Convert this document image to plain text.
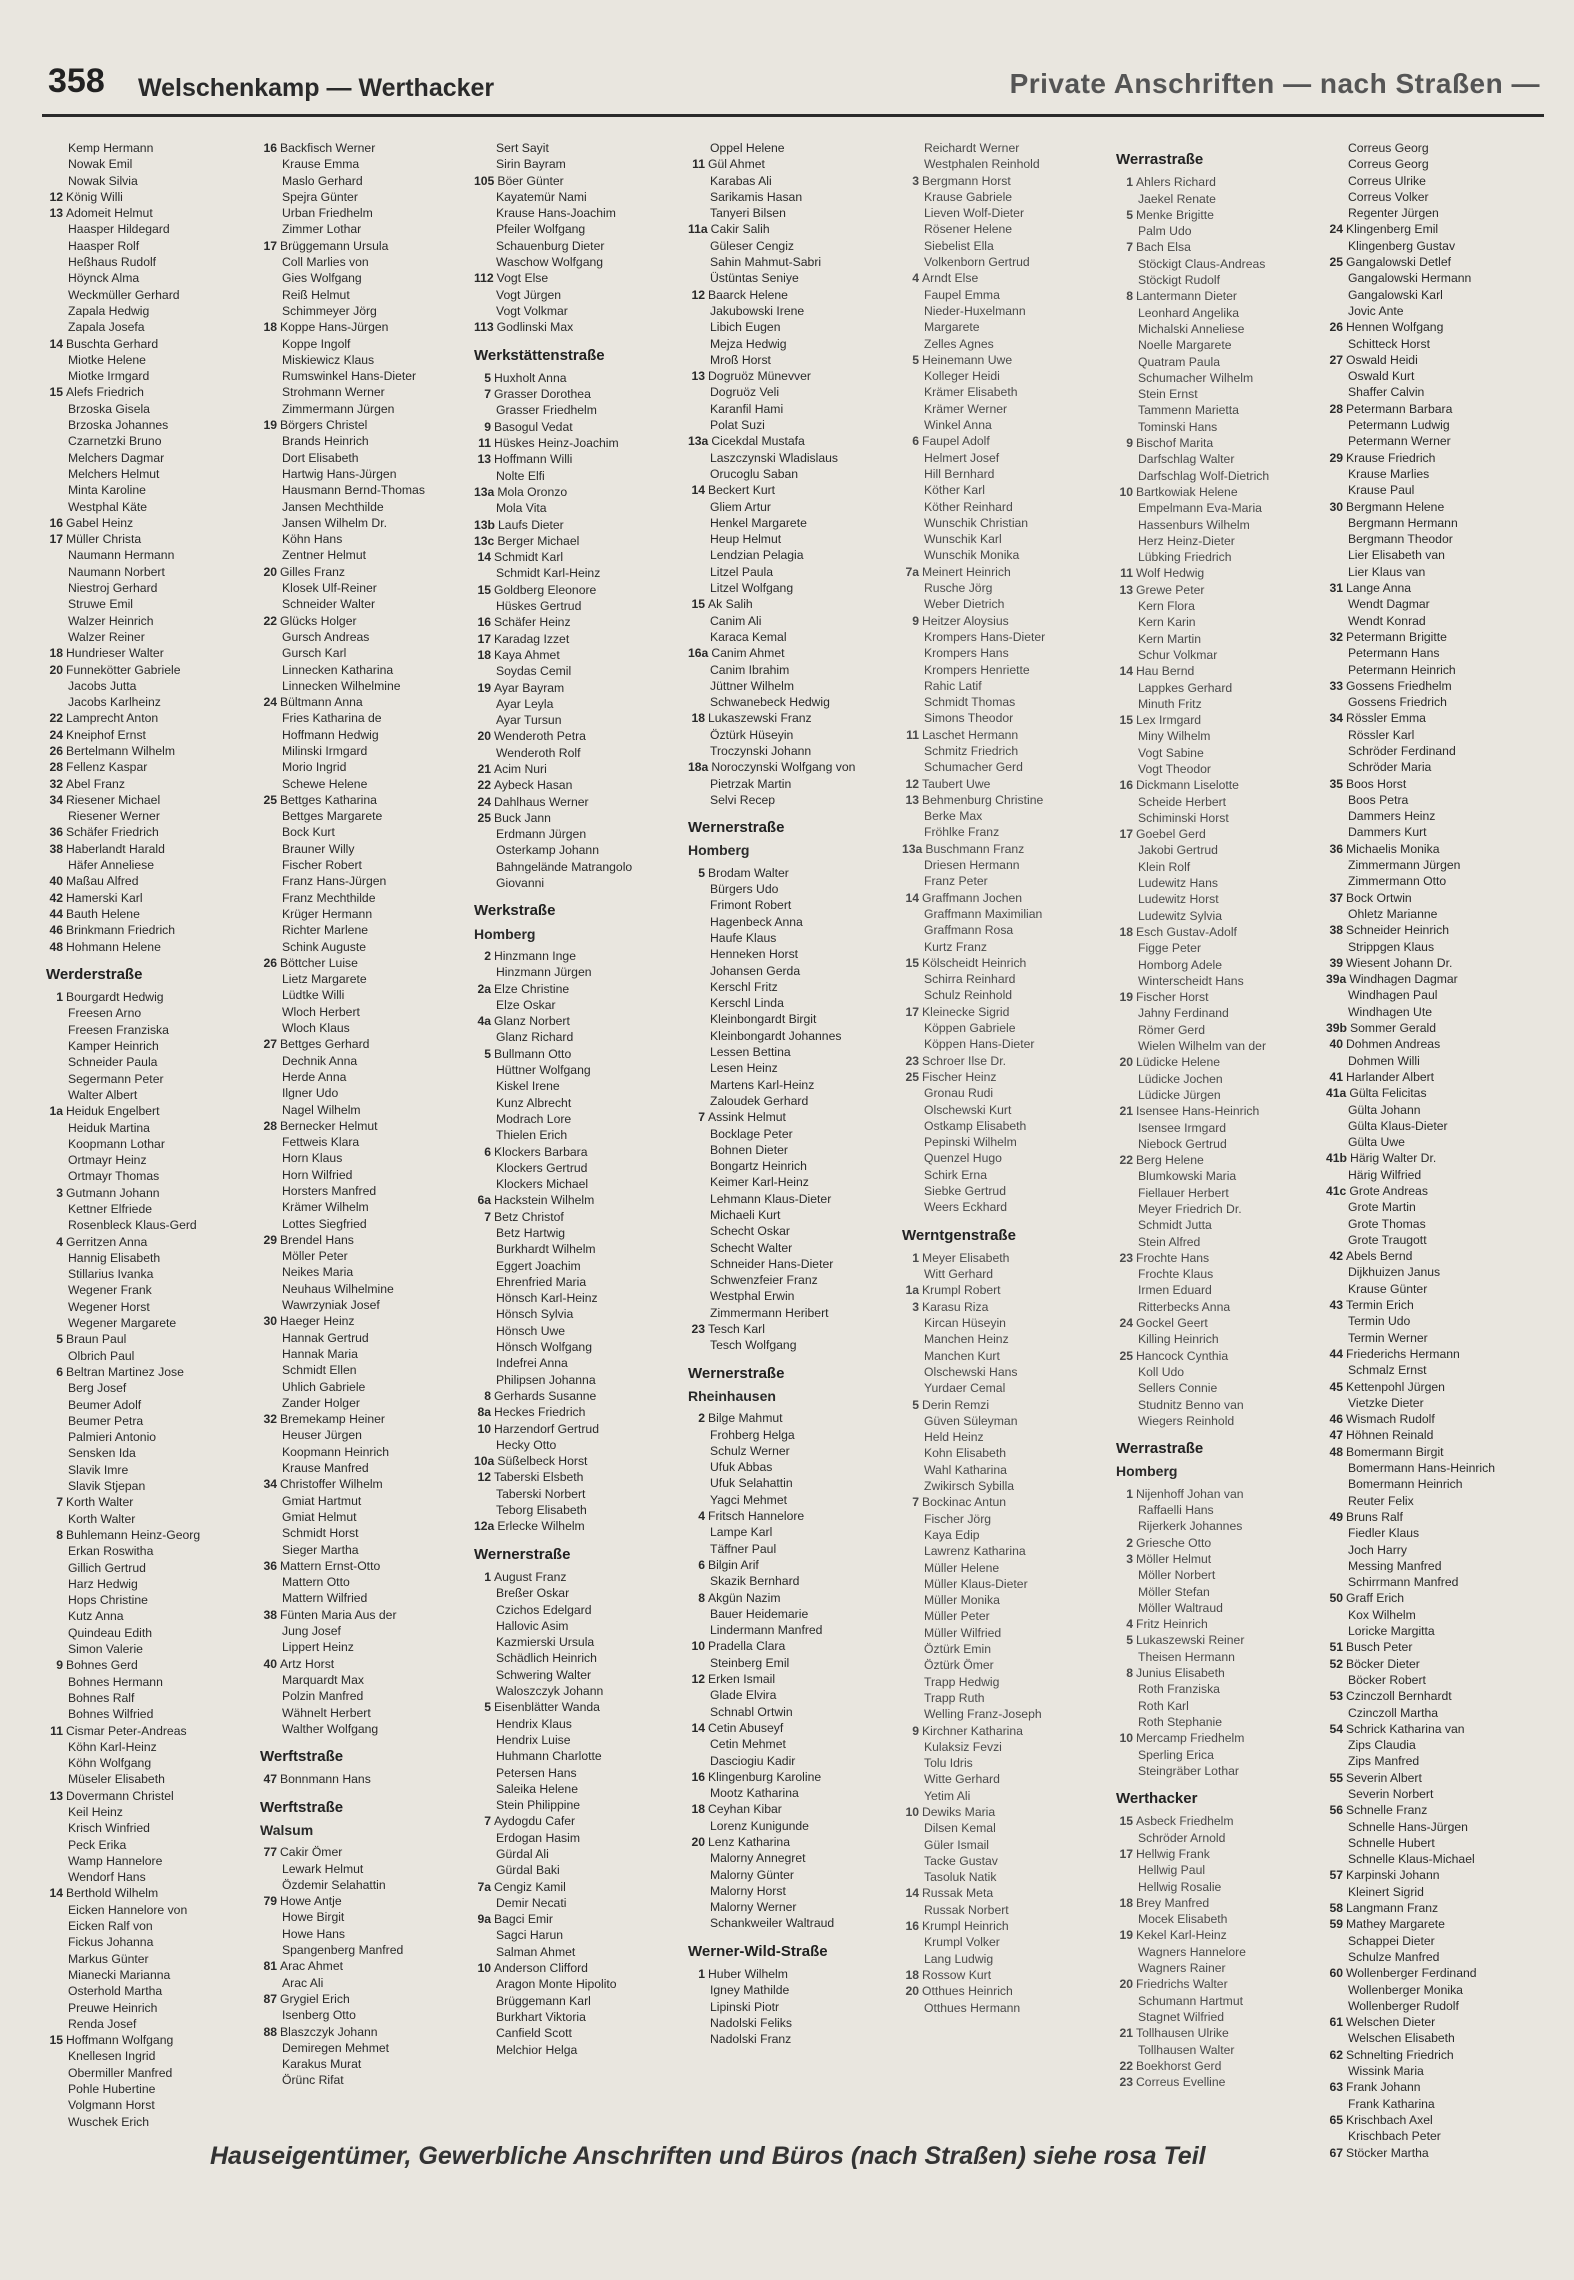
358 Welschenkamp — Werthacker	Private Anschriften — nach Straßen —
Kemp Hermann
Nowak Emil
Nowak Silvia
12 König Willi
13 Adomeit Helmut
Haasper Hildegard
Haasper Rolf
Heßhaus Rudolf
Höynck Alma
Weckmüller Gerhard
Zapala Hedwig
Zapala Josefa
14 Buschta Gerhard
Miotke Helene
Miotke Irmgard
15 Alefs Friedrich
Brzoska Gisela
Brzoska Johannes
Czarnetzki Bruno
Melchers Dagmar
Melchers Helmut
Minta Karoline
Westphal Käte
16 Gabel Heinz
17 Müller Christa
Naumann Hermann
Naumann Norbert
Niestroj Gerhard
Struwe Emil
Walzer Heinrich
Walzer Reiner
18 Hundrieser Walter
20 Funnekötter Gabriele
Jacobs Jutta
Jacobs Karlheinz
22 Lamprecht Anton
24 Kneiphof Ernst
26 Bertelmann Wilhelm
28 Fellenz Kaspar
32 Abel Franz
34 Riesener Michael
Riesener Werner
36 Schäfer Friedrich
38 Haberlandt Harald
Häfer Anneliese
40 Maßau Alfred
42 Hamerski Karl
44 Bauth Helene
46 Brinkmann Friedrich
48 Hohmann Helene
Werderstraße
1 Bourgardt Hedwig
Freesen Arno
Freesen Franziska
Kamper Heinrich
Schneider Paula
Segermann Peter
Walter Albert
1a Heiduk Engelbert
Heiduk Martina
Koopmann Lothar
Ortmayr Heinz
Ortmayr Thomas
3 Gutmann Johann
Kettner Elfriede
Rosenbleck Klaus-Gerd
4 Gerritzen Anna
Hannig Elisabeth
Stillarius Ivanka
Wegener Frank
Wegener Horst
Wegener Margarete
5 Braun Paul
Olbrich Paul
6 Beltran Martinez Jose
Berg Josef
Beumer Adolf
Beumer Petra
Palmieri Antonio
Sensken Ida
Slavik Imre
Slavik Stjepan
7 Korth Walter
Korth Walter
8 Buhlemann Heinz-Georg
Erkan Roswitha
Gillich Gertrud
Harz Hedwig
Hops Christine
Kutz Anna
Quindeau Edith
Simon Valerie
9 Bohnes Gerd
Bohnes Hermann
Bohnes Ralf
Bohnes Wilfried
11 Cismar Peter-Andreas
Köhn Karl-Heinz
Köhn Wolfgang
Müseler Elisabeth
13 Dovermann Christel
Keil Heinz
Krisch Winfried
Peck Erika
Wamp Hannelore
Wendorf Hans
14 Berthold Wilhelm
Eicken Hannelore von
Eicken Ralf von
Fickus Johanna
Markus Günter
Mianecki Marianna
Osterhold Martha
Preuwe Heinrich
Renda Josef
15 Hoffmann Wolfgang
Knellesen Ingrid
Obermiller Manfred
Pohle Hubertine
Volgmann Horst
Wuschek Erich
16 Backfisch Werner
Krause Emma
Maslo Gerhard
Spejra Günter
Urban Friedhelm
Zimmer Lothar
17 Brüggemann Ursula
Coll Marlies von
Gies Wolfgang
Reiß Helmut
Schimmeyer Jörg
18 Koppe Hans-Jürgen
Koppe Ingolf
Miskiewicz Klaus
Rumswinkel Hans-Dieter
Strohmann Werner
Zimmermann Jürgen
19 Börgers Christel
Brands Heinrich
Dort Elisabeth
Hartwig Hans-Jürgen
Hausmann Bernd-Thomas
Jansen Mechthilde
Jansen Wilhelm Dr.
Köhn Hans
Zentner Helmut
20 Gilles Franz
Klosek Ulf-Reiner
Schneider Walter
22 Glücks Holger
Gursch Andreas
Gursch Karl
Linnecken Katharina
Linnecken Wilhelmine
24 Bültmann Anna
Fries Katharina de
Hoffmann Hedwig
Milinski Irmgard
Morio Ingrid
Schewe Helene
25 Bettges Katharina
Bettges Margarete
Bock Kurt
Brauner Willy
Fischer Robert
Franz Hans-Jürgen
Franz Mechthilde
Krüger Hermann
Richter Marlene
Schink Auguste
26 Böttcher Luise
Lietz Margarete
Lüdtke Willi
Wloch Herbert
Wloch Klaus
27 Bettges Gerhard
Dechnik Anna
Herde Anna
Ilgner Udo
Nagel Wilhelm
28 Bernecker Helmut
Fettweis Klara
Horn Klaus
Horn Wilfried
Horsters Manfred
Krämer Wilhelm
Lottes Siegfried
29 Brendel Hans
Möller Peter
Neikes Maria
Neuhaus Wilhelmine
Wawrzyniak Josef
30 Haeger Heinz
Hannak Gertrud
Hannak Maria
Schmidt Ellen
Uhlich Gabriele
Zander Holger
32 Bremekamp Heiner
Heuser Jürgen
Koopmann Heinrich
Krause Manfred
34 Christoffer Wilhelm
Gmiat Hartmut
Gmiat Helmut
Schmidt Horst
Sieger Martha
36 Mattern Ernst-Otto
Mattern Otto
Mattern Wilfried
38 Fünten Maria Aus der
Jung Josef
Lippert Heinz
40 Artz Horst
Marquardt Max
Polzin Manfred
Wähnelt Herbert
Walther Wolfgang
Werftstraße
47 Bonnmann Hans
Werftstraße
Walsum
77 Cakir Ömer
Lewark Helmut
Özdemir Selahattin
79 Howe Antje
Howe Birgit
Howe Hans
Spangenberg Manfred
81 Arac Ahmet
Arac Ali
87 Grygiel Erich
Isenberg Otto
88 Blaszczyk Johann
Demiregen Mehmet
Karakus Murat
Örünc Rifat
Sert Sayit
Sirin Bayram
105 Böer Günter
Kayatemür Nami
Krause Hans-Joachim
Pfeiler Wolfgang
Schauenburg Dieter
Waschow Wolfgang
112 Vogt Else
Vogt Jürgen
Vogt Volkmar
113 Godlinski Max
Werkstättenstraße
5 Huxholt Anna
7 Grasser Dorothea
Grasser Friedhelm
9 Basogul Vedat
11 Hüskes Heinz-Joachim
13 Hoffmann Willi
Nolte Elfi
13a Mola Oronzo
Mola Vita
13b Laufs Dieter
13c Berger Michael
14 Schmidt Karl
Schmidt Karl-Heinz
15 Goldberg Eleonore
Hüskes Gertrud
16 Schäfer Heinz
17 Karadag Izzet
18 Kaya Ahmet
Soydas Cemil
19 Ayar Bayram
Ayar Leyla
Ayar Tursun
20 Wenderoth Petra
Wenderoth Rolf
21 Acim Nuri
22 Aybeck Hasan
24 Dahlhaus Werner
25 Buck Jann
Erdmann Jürgen
Osterkamp Johann
Bahngelände Matrangolo
Giovanni
Werkstraße
Homberg
2 Hinzmann Inge
Hinzmann Jürgen
2a Elze Christine
Elze Oskar
4a Glanz Norbert
Glanz Richard
5 Bullmann Otto
Hüttner Wolfgang
Kiskel Irene
Kunz Albrecht
Modrach Lore
Thielen Erich
6 Klockers Barbara
Klockers Gertrud
Klockers Michael
6a Hackstein Wilhelm
7 Betz Christof
Betz Hartwig
Burkhardt Wilhelm
Eggert Joachim
Ehrenfried Maria
Hönsch Karl-Heinz
Hönsch Sylvia
Hönsch Uwe
Hönsch Wolfgang
Indefrei Anna
Philipsen Johanna
8 Gerhards Susanne
8a Heckes Friedrich
10 Harzendorf Gertrud
Hecky Otto
10a Süßelbeck Horst
12 Taberski Elsbeth
Taberski Norbert
Teborg Elisabeth
12a Erlecke Wilhelm
Wernerstraße
1 August Franz
Breßer Oskar
Czichos Edelgard
Hallovic Asim
Kazmierski Ursula
Schädlich Heinrich
Schwering Walter
Waloszczyk Johann
5 Eisenblätter Wanda
Hendrix Klaus
Hendrix Luise
Huhmann Charlotte
Petersen Hans
Saleika Helene
Stein Philippine
7 Aydogdu Cafer
Erdogan Hasim
Gürdal Ali
Gürdal Baki
7a Cengiz Kamil
Demir Necati
9a Bagci Emir
Sagci Harun
Salman Ahmet
10 Anderson Clifford
Aragon Monte Hipolito
Brüggemann Karl
Burkhart Viktoria
Canfield Scott
Melchior Helga
Oppel Helene
11 Gül Ahmet
Karabas Ali
Sarikamis Hasan
Tanyeri Bilsen
11a Cakir Salih
Güleser Cengiz
Sahin Mahmut-Sabri
Üstüntas Seniye
12 Baarck Helene
Jakubowski Irene
Libich Eugen
Mejza Hedwig
Mroß Horst
13 Dogruöz Münevver
Dogruöz Veli
Karanfil Hami
Polat Suzi
13a Cicekdal Mustafa
Laszczynski Wladislaus
Orucoglu Saban
14 Beckert Kurt
Gliem Artur
Henkel Margarete
Heup Helmut
Lendzian Pelagia
Litzel Paula
Litzel Wolfgang
15 Ak Salih
Canim Ali
Karaca Kemal
16a Canim Ahmet
Canim Ibrahim
Jüttner Wilhelm
Schwanebeck Hedwig
18 Lukaszewski Franz
Öztürk Hüseyin
Troczynski Johann
18a Noroczynski Wolfgang von
Pietrzak Martin
Selvi Recep
Wernerstraße
Homberg
5 Brodam Walter
Bürgers Udo
Frimont Robert
Hagenbeck Anna
Haufe Klaus
Henneken Horst
Johansen Gerda
Kerschl Fritz
Kerschl Linda
Kleinbongardt Birgit
Kleinbongardt Johannes
Lessen Bettina
Lesen Heinz
Martens Karl-Heinz
Zaloudek Gerhard
7 Assink Helmut
Bocklage Peter
Bohnen Dieter
Bongartz Heinrich
Keimer Karl-Heinz
Lehmann Klaus-Dieter
Michaeli Kurt
Schecht Oskar
Schecht Walter
Schneider Hans-Dieter
Schwenzfeier Franz
Westphal Erwin
Zimmermann Heribert
23 Tesch Karl
Tesch Wolfgang
Wernerstraße
Rheinhausen
2 Bilge Mahmut
Frohberg Helga
Schulz Werner
Ufuk Abbas
Ufuk Selahattin
Yagci Mehmet
4 Fritsch Hannelore
Lampe Karl
Täffner Paul
6 Bilgin Arif
Skazik Bernhard
8 Akgün Nazim
Bauer Heidemarie
Lindermann Manfred
10 Pradella Clara
Steinberg Emil
12 Erken Ismail
Glade Elvira
Schnabl Ortwin
14 Cetin Abuseyf
Cetin Mehmet
Dasciogiu Kadir
16 Klingenburg Karoline
Mootz Katharina
18 Ceyhan Kibar
Lorenz Kunigunde
20 Lenz Katharina
Malorny Annegret
Malorny Günter
Malorny Horst
Malorny Werner
Schankweiler Waltraud
Werner-Wild-Straße
1 Huber Wilhelm
Igney Mathilde
Lipinski Piotr
Nadolski Feliks
Nadolski Franz
Reichardt Werner
Westphalen Reinhold
3 Bergmann Horst
Krause Gabriele
Lieven Wolf-Dieter
Rösener Helene
Siebelist Ella
Volkenborn Gertrud
4 Arndt Else
Faupel Emma
Nieder-Huxelmann
Margarete
Zelles Agnes
5 Heinemann Uwe
Kolleger Heidi
Krämer Elisabeth
Krämer Werner
Winkel Anna
6 Faupel Adolf
Helmert Josef
Hill Bernhard
Köther Karl
Köther Reinhard
Wunschik Christian
Wunschik Karl
Wunschik Monika
7a Meinert Heinrich
Rusche Jörg
Weber Dietrich
9 Heitzer Aloysius
Krompers Hans-Dieter
Krompers Hans
Krompers Henriette
Rahic Latif
Schmidt Thomas
Simons Theodor
11 Laschet Hermann
Schmitz Friedrich
Schumacher Gerd
12 Taubert Uwe
13 Behmenburg Christine
Berke Max
Fröhlke Franz
13a Buschmann Franz
Driesen Hermann
Franz Peter
14 Graffmann Jochen
Graffmann Maximilian
Graffmann Rosa
Kurtz Franz
15 Kölscheidt Heinrich
Schirra Reinhard
Schulz Reinhold
17 Kleinecke Sigrid
Köppen Gabriele
Köppen Hans-Dieter
23 Schroer Ilse Dr.
25 Fischer Heinz
Gronau Rudi
Olschewski Kurt
Ostkamp Elisabeth
Pepinski Wilhelm
Quenzel Hugo
Schirk Erna
Siebke Gertrud
Weers Eckhard
Werntgenstraße
1 Meyer Elisabeth
Witt Gerhard
1a Krumpl Robert
3 Karasu Riza
Kircan Hüseyin
Manchen Heinz
Manchen Kurt
Olschewski Hans
Yurdaer Cemal
5 Derin Remzi
Güven Süleyman
Held Heinz
Kohn Elisabeth
Wahl Katharina
Zwikirsch Sybilla
7 Bockinac Antun
Fischer Jörg
Kaya Edip
Lawrenz Katharina
Müller Helene
Müller Klaus-Dieter
Müller Monika
Müller Peter
Müller Wilfried
Öztürk Emin
Öztürk Ömer
Trapp Hedwig
Trapp Ruth
Welling Franz-Joseph
9 Kirchner Katharina
Kulaksiz Fevzi
Tolu Idris
Witte Gerhard
Yetim Ali
10 Dewiks Maria
Dilsen Kemal
Güler Ismail
Tacke Gustav
Tasoluk Natik
14 Russak Meta
Russak Norbert
16 Krumpl Heinrich
Krumpl Volker
Lang Ludwig
18 Rossow Kurt
20 Otthues Heinrich
Otthues Hermann
Werrastraße
1 Ahlers Richard
Jaekel Renate
5 Menke Brigitte
Palm Udo
7 Bach Elsa
Stöckigt Claus-Andreas
Stöckigt Rudolf
8 Lantermann Dieter
Leonhard Angelika
Michalski Anneliese
Noelle Margarete
Quatram Paula
Schumacher Wilhelm
Stein Ernst
Tammenn Marietta
Tominski Hans
9 Bischof Marita
Darfschlag Walter
Darfschlag Wolf-Dietrich
10 Bartkowiak Helene
Empelmann Eva-Maria
Hassenburs Wilhelm
Herz Heinz-Dieter
Lübking Friedrich
11 Wolf Hedwig
13 Grewe Peter
Kern Flora
Kern Karin
Kern Martin
Schur Volkmar
14 Hau Bernd
Lappkes Gerhard
Minuth Fritz
15 Lex Irmgard
Miny Wilhelm
Vogt Sabine
Vogt Theodor
16 Dickmann Liselotte
Scheide Herbert
Schiminski Horst
17 Goebel Gerd
Jakobi Gertrud
Klein Rolf
Ludewitz Hans
Ludewitz Horst
Ludewitz Sylvia
18 Esch Gustav-Adolf
Figge Peter
Homborg Adele
Winterscheidt Hans
19 Fischer Horst
Jahny Ferdinand
Römer Gerd
Wielen Wilhelm van der
20 Lüdicke Helene
Lüdicke Jochen
Lüdicke Jürgen
21 Isensee Hans-Heinrich
Isensee Irmgard
Niebock Gertrud
22 Berg Helene
Blumkowski Maria
Fiellauer Herbert
Meyer Friedrich Dr.
Schmidt Jutta
Stein Alfred
23 Frochte Hans
Frochte Klaus
Irmen Eduard
Ritterbecks Anna
24 Gockel Geert
Killing Heinrich
25 Hancock Cynthia
Koll Udo
Sellers Connie
Studnitz Benno van
Wiegers Reinhold
Werrastraße
Homberg
1 Nijenhoff Johan van
Raffaelli Hans
Rijerkerk Johannes
2 Griesche Otto
3 Möller Helmut
Möller Norbert
Möller Stefan
Möller Waltraud
4 Fritz Heinrich
5 Lukaszewski Reiner
Theisen Hermann
8 Junius Elisabeth
Roth Franziska
Roth Karl
Roth Stephanie
10 Mercamp Friedhelm
Sperling Erica
Steingräber Lothar
Werthacker
15 Asbeck Friedhelm
Schröder Arnold
17 Hellwig Frank
Hellwig Paul
Hellwig Rosalie
18 Brey Manfred
Mocek Elisabeth
19 Kekel Karl-Heinz
Wagners Hannelore
Wagners Rainer
20 Friedrichs Walter
Schumann Hartmut
Stagnet Wilfried
21 Tollhausen Ulrike
Tollhausen Walter
22 Boekhorst Gerd
23 Correus Evelline
Correus Georg
Correus Georg
Correus Ulrike
Correus Volker
Regenter Jürgen
24 Klingenberg Emil
Klingenberg Gustav
25 Gangalowski Detlef
Gangalowski Hermann
Gangalowski Karl
Jovic Ante
26 Hennen Wolfgang
Schitteck Horst
27 Oswald Heidi
Oswald Kurt
Shaffer Calvin
28 Petermann Barbara
Petermann Ludwig
Petermann Werner
29 Krause Friedrich
Krause Marlies
Krause Paul
30 Bergmann Helene
Bergmann Hermann
Bergmann Theodor
Lier Elisabeth van
Lier Klaus van
31 Lange Anna
Wendt Dagmar
Wendt Konrad
32 Petermann Brigitte
Petermann Hans
Petermann Heinrich
33 Gossens Friedhelm
Gossens Friedrich
34 Rössler Emma
Rössler Karl
Schröder Ferdinand
Schröder Maria
35 Boos Horst
Boos Petra
Dammers Heinz
Dammers Kurt
36 Michaelis Monika
Zimmermann Jürgen
Zimmermann Otto
37 Bock Ortwin
Ohletz Marianne
38 Schneider Heinrich
Strippgen Klaus
39 Wiesent Johann Dr.
39a Windhagen Dagmar
Windhagen Paul
Windhagen Ute
39b Sommer Gerald
40 Dohmen Andreas
Dohmen Willi
41 Harlander Albert
41a Gülta Felicitas
Gülta Johann
Gülta Klaus-Dieter
Gülta Uwe
41b Härig Walter Dr.
Härig Wilfried
41c Grote Andreas
Grote Martin
Grote Thomas
Grote Traugott
42 Abels Bernd
Dijkhuizen Janus
Krause Günter
43 Termin Erich
Termin Udo
Termin Werner
44 Friederichs Hermann
Schmalz Ernst
45 Kettenpohl Jürgen
Vietzke Dieter
46 Wismach Rudolf
47 Höhnen Reinald
48 Bomermann Birgit
Bomermann Hans-Heinrich
Bomermann Heinrich
Reuter Felix
49 Bruns Ralf
Fiedler Klaus
Joch Harry
Messing Manfred
Schirrmann Manfred
50 Graff Erich
Kox Wilhelm
Loricke Margitta
51 Busch Peter
52 Böcker Dieter
Böcker Robert
53 Czinczoll Bernhardt
Czinczoll Martha
54 Schrick Katharina van
Zips Claudia
Zips Manfred
55 Severin Albert
Severin Norbert
56 Schnelle Franz
Schnelle Hans-Jürgen
Schnelle Hubert
Schnelle Klaus-Michael
57 Karpinski Johann
Kleinert Sigrid
58 Langmann Franz
59 Mathey Margarete
Schappei Dieter
Schulze Manfred
60 Wollenberger Ferdinand
Wollenberger Monika
Wollenberger Rudolf
61 Welschen Dieter
Welschen Elisabeth
62 Schnelting Friedrich
Wissink Maria
63 Frank Johann
Frank Katharina
65 Krischbach Axel
Krischbach Peter
67 Stöcker Martha
Hauseigentümer, Gewerbliche Anschriften und Büros (nach Straßen) siehe rosa Teil
